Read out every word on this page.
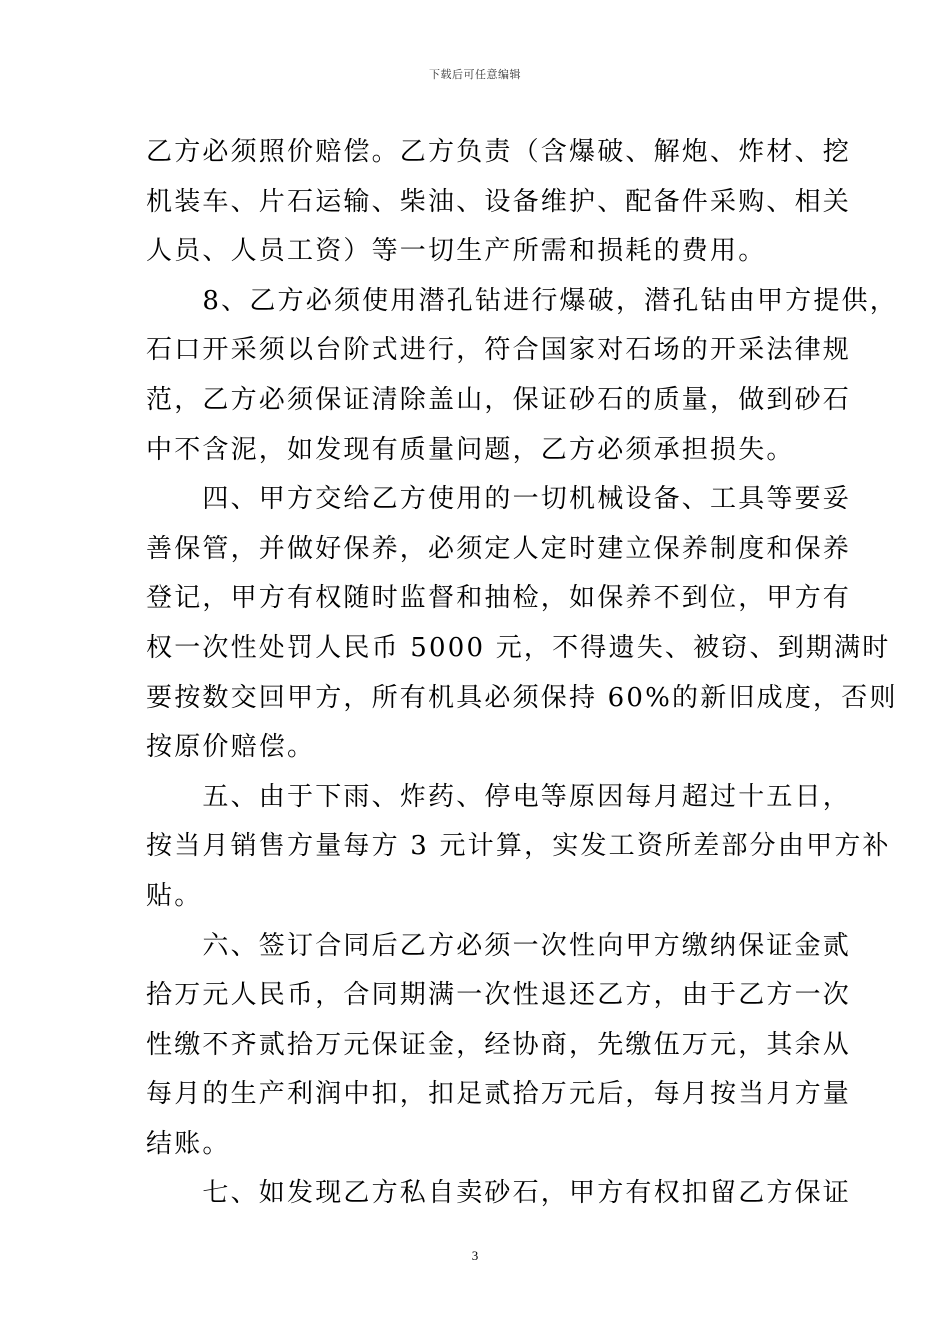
下载后可任意编辑
乙方必须照价赔偿。乙方负责（含爆破、解炮、炸材、挖
机装车、片石运输、柴油、设备维护、配备件采购、相关
人员、人员工资）等一切生产所需和损耗的费用。
　　8、乙方必须使用潜孔钻进行爆破，潜孔钻由甲方提供，
石口开采须以台阶式进行，符合国家对石场的开采法律规
范，乙方必须保证清除盖山，保证砂石的质量，做到砂石
中不含泥，如发现有质量问题，乙方必须承担损失。
　　四、甲方交给乙方使用的一切机械设备、工具等要妥
善保管，并做好保养，必须定人定时建立保养制度和保养
登记，甲方有权随时监督和抽检，如保养不到位，甲方有
权一次性处罚人民币 5000 元，不得遗失、被窃、到期满时
要按数交回甲方，所有机具必须保持 60%的新旧成度，否则
按原价赔偿。
　　五、由于下雨、炸药、停电等原因每月超过十五日，
按当月销售方量每方 3 元计算，实发工资所差部分由甲方补
贴。
　　六、签订合同后乙方必须一次性向甲方缴纳保证金贰
拾万元人民币，合同期满一次性退还乙方，由于乙方一次
性缴不齐贰拾万元保证金，经协商，先缴伍万元，其余从
每月的生产利润中扣，扣足贰拾万元后，每月按当月方量
结账。
　　七、如发现乙方私自卖砂石，甲方有权扣留乙方保证
3
